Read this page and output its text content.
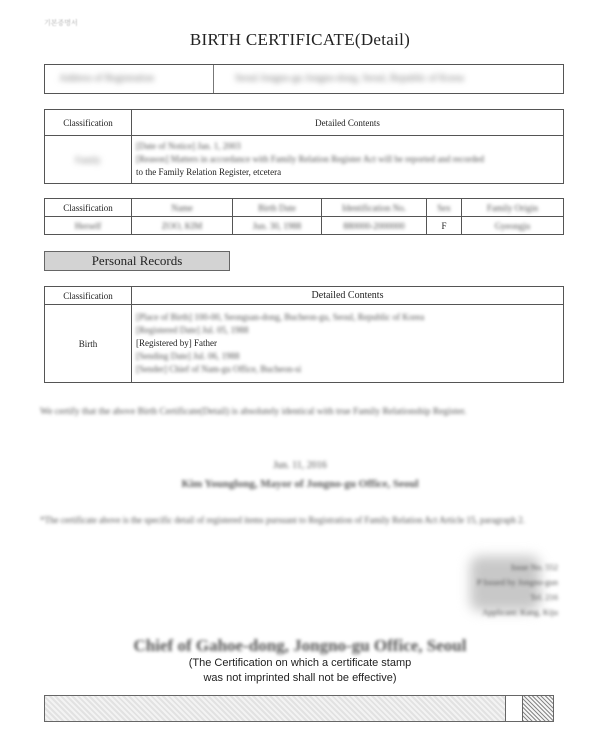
기본증명서
BIRTH CERTIFICATE(Detail)
Address of Registration	Seoul Jongno-gu Jongno-dong, Seoul, Republic of Korea
Classification	Detailed Contents
Family	[Date of Notice] Jan. 1, 2003
[Reason] Matters in accordance with Family Relation Register Act will be reported and recorded
to the Family Relation Register, etcetera
Classification	Name	Birth Date	Identification No.	Sex	Family Origin
Herself	ZOO, KIM	Jun. 30, 1988	880000-2000000	F	Gyeongju
Personal Records
Classification	Detailed Contents
Birth	[Place of Birth] 100-00, Seongsan-dong, Bucheon-gu, Seoul, Republic of Korea
[Registered Date] Jul. 05, 1988
[Registered by] Father
[Sending Date] Jul. 06, 1988
[Sender] Chief of Nam-gu Office, Bucheon-si
We certify that the above Birth Certificate(Detail) is absolutely identical with true Family Relationship Register.
Jun. 11, 2016
Kim Younglong, Mayor of Jongno-gu Office, Seoul
*The certificate above is the specific detail of registered items pursuant to Registration of Family Relation Act Article 15, paragraph 2.
Issue No. 552
P Issued by Jongno-gun
Tel. 216
Applicant: Kang, Kiju
Chief of Gahoe-dong, Jongno-gu Office, Seoul
(The Certification on which a certificate stamp
was not imprinted shall not be effective)
